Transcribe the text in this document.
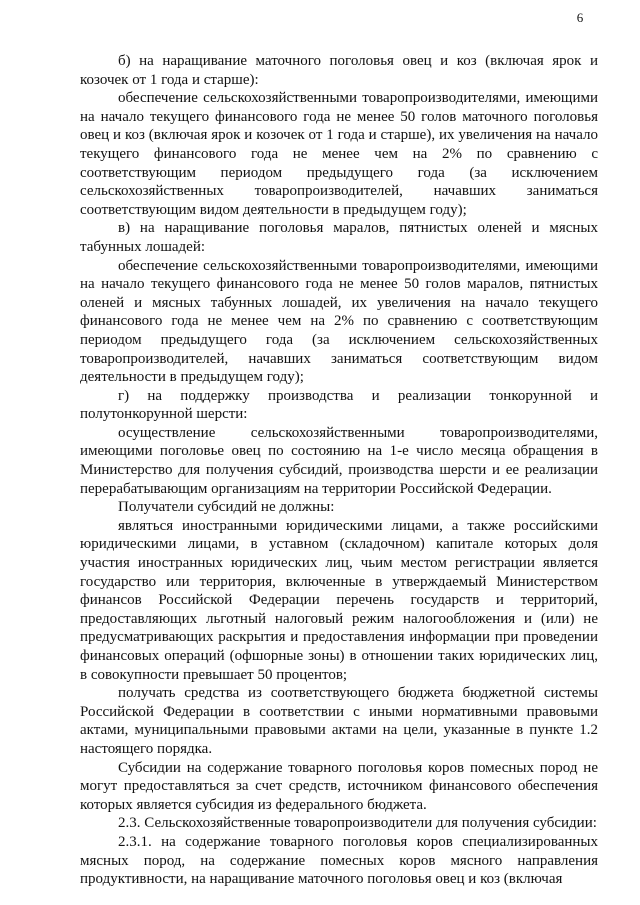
6

б) на наращивание маточного поголовья овец и коз (включая ярок и козочек от 1 года и старше):

обеспечение сельскохозяйственными товаропроизводителями, имеющими на начало текущего финансового года не менее 50 голов маточного поголовья овец и коз (включая ярок и козочек от 1 года и старше), их увеличения на начало текущего финансового года не менее чем на 2% по сравнению с соответствующим периодом предыдущего года (за исключением сельскохозяйственных товаропроизводителей, начавших заниматься соответствующим видом деятельности в предыдущем году);

в) на наращивание поголовья маралов, пятнистых оленей и мясных табунных лошадей:

обеспечение сельскохозяйственными товаропроизводителями, имеющими на начало текущего финансового года не менее 50 голов маралов, пятнистых оленей и мясных табунных лошадей, их увеличения на начало текущего финансового года не менее чем на 2% по сравнению с соответствующим периодом предыдущего года (за исключением сельскохозяйственных товаропроизводителей, начавших заниматься соответствующим видом деятельности в предыдущем году);

г) на поддержку производства и реализации тонкорунной и полутонкорунной шерсти:

осуществление сельскохозяйственными товаропроизводителями, имеющими поголовье овец по состоянию на 1-е число месяца обращения в Министерство для получения субсидий, производства шерсти и ее реализации перерабатывающим организациям на территории Российской Федерации.

Получатели субсидий не должны:

являться иностранными юридическими лицами, а также российскими юридическими лицами, в уставном (складочном) капитале которых доля участия иностранных юридических лиц, чьим местом регистрации является государство или территория, включенные в утверждаемый Министерством финансов Российской Федерации перечень государств и территорий, предоставляющих льготный налоговый режим налогообложения и (или) не предусматривающих раскрытия и предоставления информации при проведении финансовых операций (офшорные зоны) в отношении таких юридических лиц, в совокупности превышает 50 процентов;

получать средства из соответствующего бюджета бюджетной системы Российской Федерации в соответствии с иными нормативными правовыми актами, муниципальными правовыми актами на цели, указанные в пункте 1.2 настоящего порядка.

Субсидии на содержание товарного поголовья коров помесных пород не могут предоставляться за счет средств, источником финансового обеспечения которых является субсидия из федерального бюджета.

2.3. Сельскохозяйственные товаропроизводители для получения субсидии:

2.3.1. на содержание товарного поголовья коров специализированных мясных пород, на содержание помесных коров мясного направления продуктивности, на наращивание маточного поголовья овец и коз (включая
